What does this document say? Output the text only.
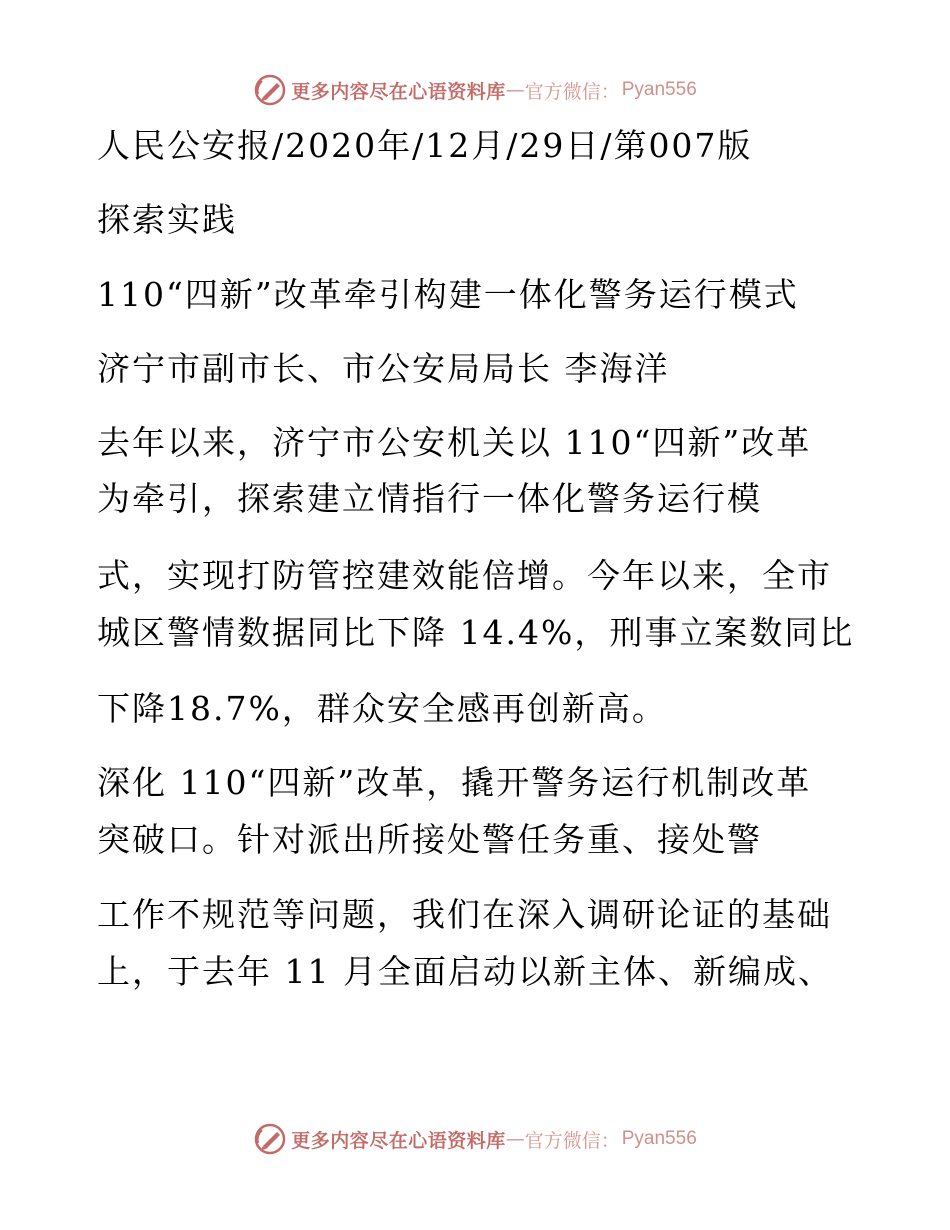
更多内容尽在心语资料库 — 官方微信： Pyan556
人民公安报/2020年/12月/29日/第007版
探索实践
110“四新”改革牵引构建一体化警务运行模式
济宁市副市长、市公安局局长 李海洋
去年以来，济宁市公安机关以 110“四新”改革
为牵引，探索建立情指行一体化警务运行模
式，实现打防管控建效能倍增。今年以来，全市
城区警情数据同比下降 14.4%，刑事立案数同比
下降18.7%，群众安全感再创新高。
深化 110“四新”改革，撬开警务运行机制改革
突破口。针对派出所接处警任务重、接处警
工作不规范等问题，我们在深入调研论证的基础
上，于去年 11 月全面启动以新主体、新编成、
更多内容尽在心语资料库 — 官方微信： Pyan556
